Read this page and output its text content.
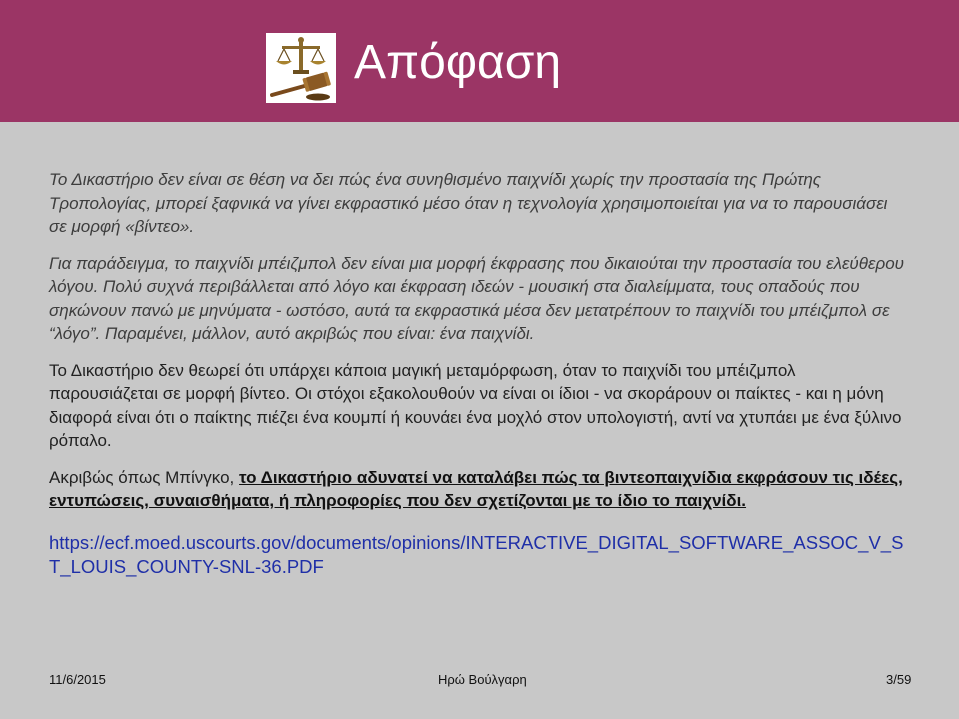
Απόφαση

Το Δικαστήριο δεν είναι σε θέση να δει πώς ένα συνηθισμένο παιχνίδι χωρίς την προστασία της Πρώτης Τροπολογίας, μπορεί ξαφνικά να γίνει εκφραστικό μέσο όταν η τεχνολογία χρησιμοποιείται για να το παρουσιάσει σε μορφή «βίντεο».

Για παράδειγμα, το παιχνίδι μπέιζμπολ δεν είναι μια μορφή έκφρασης που δικαιούται την προστασία του ελεύθερου λόγου. Πολύ συχνά περιβάλλεται από λόγο και έκφραση ιδεών - μουσική στα διαλείμματα, τους οπαδούς που σηκώνουν πανώ με μηνύματα - ωστόσο, αυτά τα εκφραστικά μέσα δεν μετατρέπουν το παιχνίδι του μπέιζμπολ σε “λόγο”. Παραμένει, μάλλον, αυτό ακριβώς που είναι: ένα παιχνίδι.

Το Δικαστήριο δεν θεωρεί ότι υπάρχει κάποια μαγική μεταμόρφωση, όταν το παιχνίδι του μπέιζμπολ παρουσιάζεται σε μορφή βίντεο. Οι στόχοι εξακολουθούν να είναι οι ίδιοι - να σκοράρουν οι παίκτες - και η μόνη διαφορά είναι ότι ο παίκτης πιέζει ένα κουμπί ή κουνάει ένα μοχλό στον υπολογιστή, αντί να χτυπάει με ένα ξύλινο ρόπαλο.

Ακριβώς όπως Μπίνγκο, το Δικαστήριο αδυνατεί να καταλάβει πώς τα βιντεοπαιχνίδια εκφράσουν τις ιδέες, εντυπώσεις, συναισθήματα, ή πληροφορίες που δεν σχετίζονται με το ίδιο το παιχνίδι.

https://ecf.moed.uscourts.gov/documents/opinions/INTERACTIVE_DIGITAL_SOFTWARE_ASSOC_V_ST_LOUIS_COUNTY-SNL-36.PDF
11/6/2015	Ηρώ Βούλγαρη	3/59
